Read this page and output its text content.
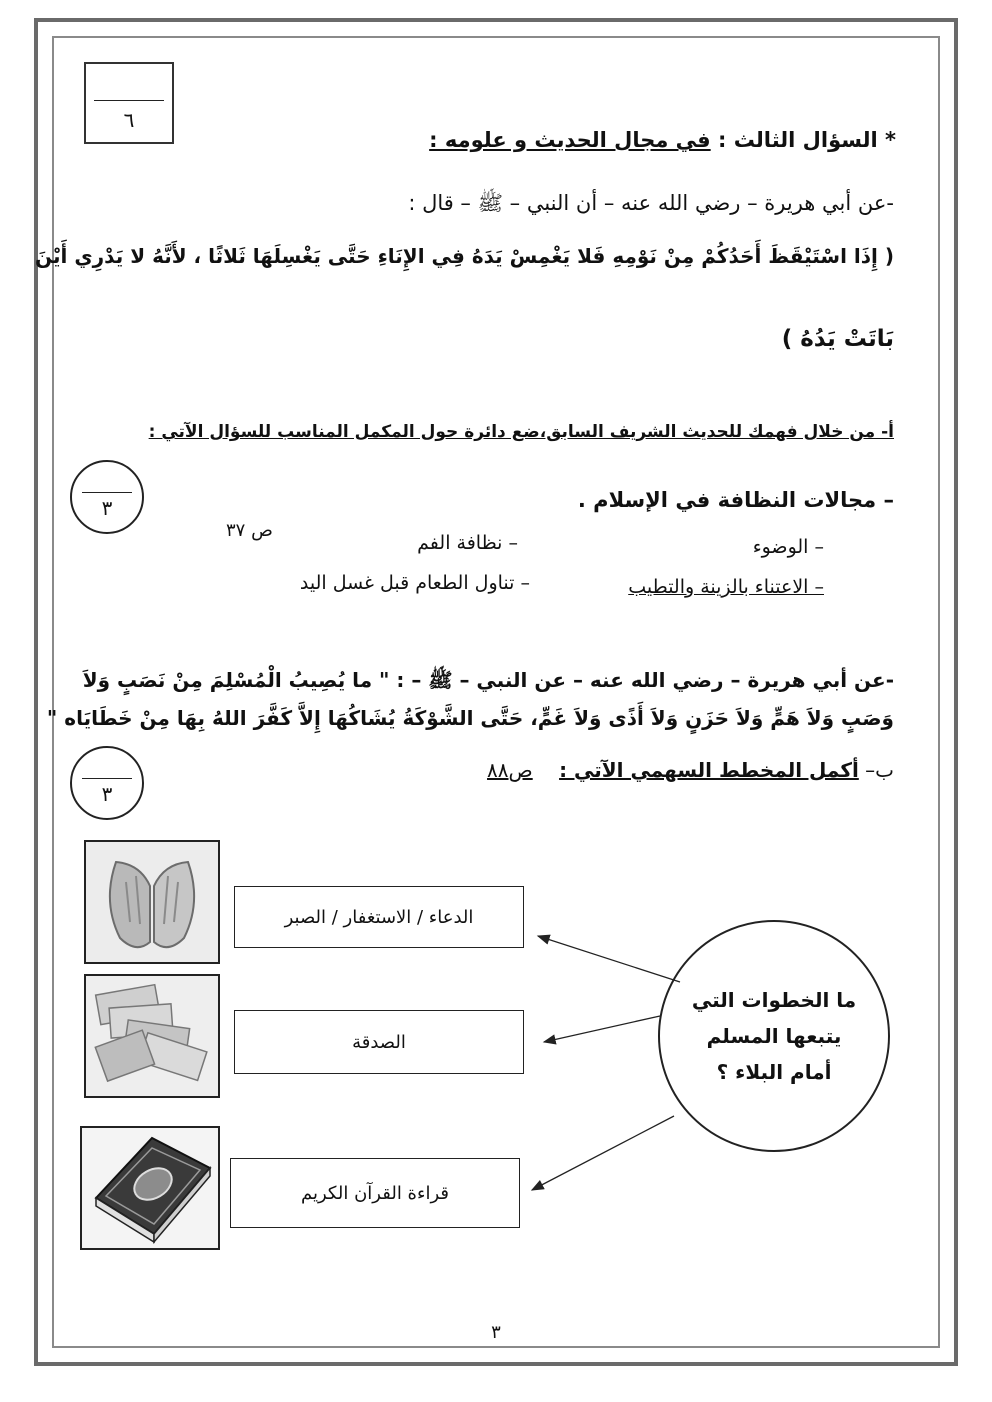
٦
* السؤال الثالث : في مجال الحديث و علومه :
-عن أبي هريرة – رضي الله عنه – أن النبي – ﷺ – قال :
( إِذَا اسْتَيْقَظَ أَحَدُكُمْ مِنْ نَوْمِهِ فَلا يَغْمِسْ يَدَهُ فِي الإِنَاءِ حَتَّى يَغْسِلَهَا ثَلاثًا ، لأَنَّهُ لا يَدْرِي أَيْنَ
بَاتَتْ يَدُهُ )
أ- من خلال فهمك للحديث الشريف السابق،ضع دائرة حول المكمل المناسب للسؤال الآتي :
٣	– مجالات النظافة في الإسلام .
ص ٣٧
– الوضوء
– نظافة الفم
– الاعتناء بالزينة والتطيب
– تناول الطعام قبل غسل اليد
-عن أبي هريرة – رضي الله عنه – عن النبي – ﷺ – : " ما يُصِيبُ الْمُسْلِمَ مِنْ نَصَبٍ وَلاَ
وَصَبٍ وَلاَ هَمٍّ وَلاَ حَزَنٍ وَلاَ أَذًى وَلاَ غَمٍّ، حَتَّى الشَّوْكَةُ يُشَاكُهَا إِلاَّ كَفَّرَ اللهُ بِهَا مِنْ خَطَايَاه "
٣
ب– أكمل المخطط السهمي الآتي : ص٨٨
الدعاء / الاستغفار / الصبر
الصدقة
قراءة القرآن الكريم
ما الخطوات التي يتبعها المسلم أمام البلاء ؟
٣
